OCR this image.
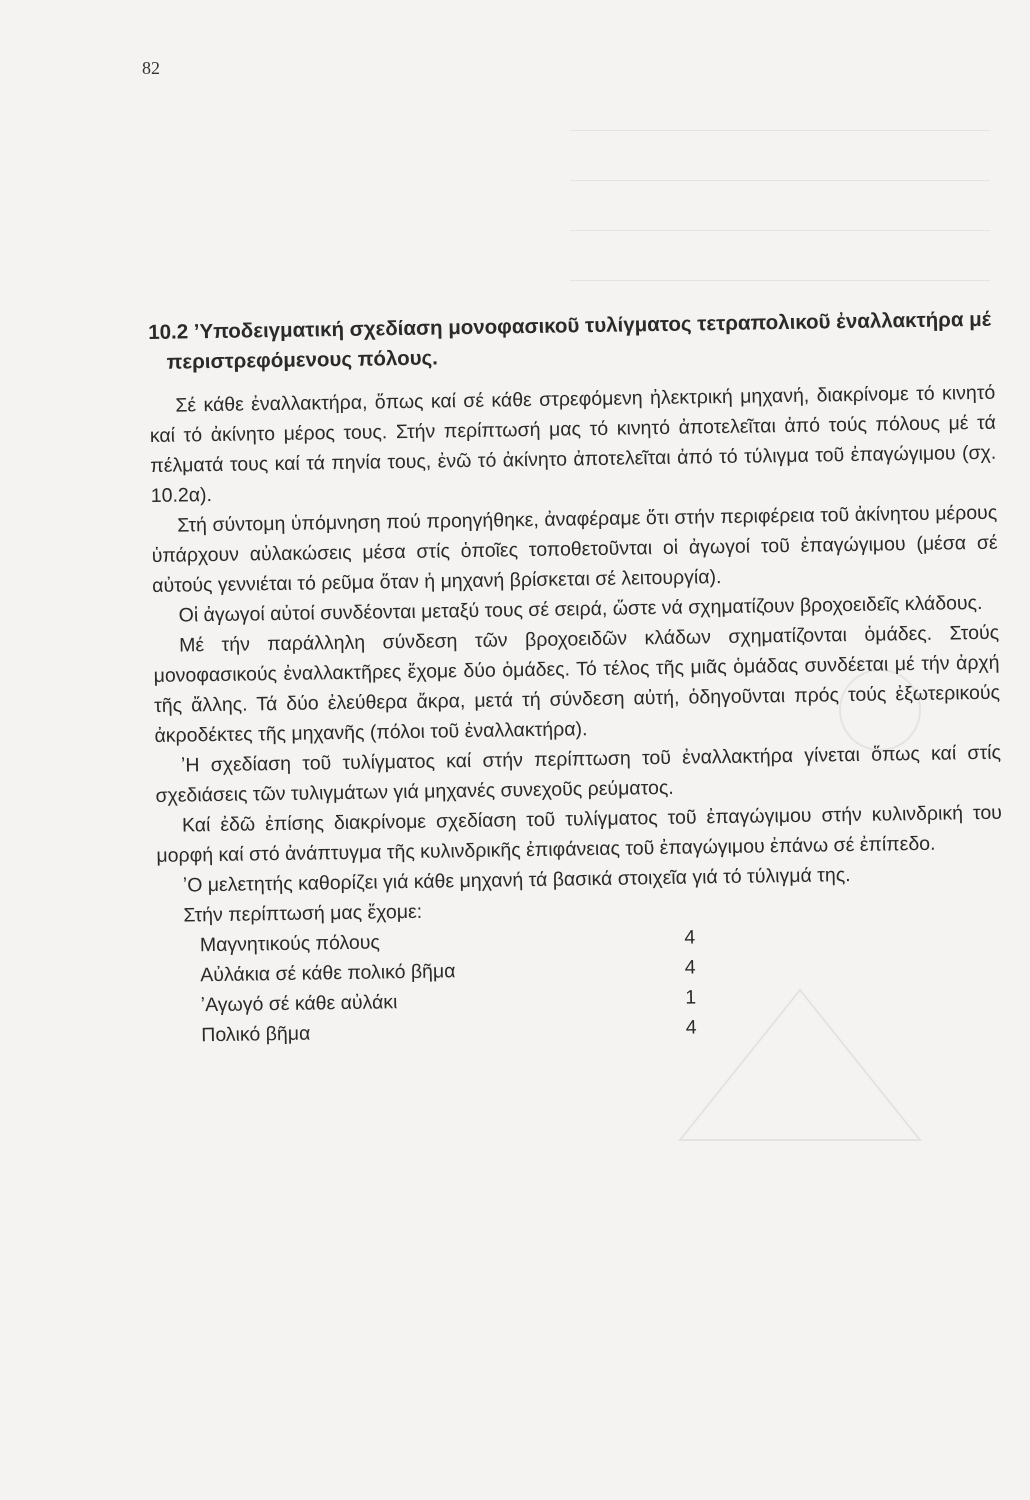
82
10.2 ʼΥποδειγματική σχεδίαση μονοφασικοῦ τυλίγματος τετραπολικοῦ ἐναλλακτήρα μέ περιστρεφόμενους πόλους.

Σέ κάθε ἐναλλακτήρα, ὅπως καί σέ κάθε στρεφόμενη ἠλεκτρική μηχανή, διακρίνομε τό κινητό καί τό ἀκίνητο μέρος τους. Στήν περίπτωσή μας τό κινητό ἀποτελεῖται ἀπό τούς πόλους μέ τά πέλματά τους καί τά πηνία τους, ἐνῶ τό ἀκίνητο ἀποτελεῖται ἀπό τό τύλιγμα τοῦ ἐπαγώγιμου (σχ. 10.2α).

Στή σύντομη ὑπόμνηση πού προηγήθηκε, ἀναφέραμε ὅτι στήν περιφέρεια τοῦ ἀκίνητου μέρους ὑπάρχουν αὐλακώσεις μέσα στίς ὁποῖες τοποθετοῦνται οἱ ἀγωγοί τοῦ ἐπαγώγιμου (μέσα σέ αὐτούς γεννιέται τό ρεῦμα ὅταν ἡ μηχανή βρίσκεται σέ λειτουργία).

Οἱ ἀγωγοί αὐτοί συνδέονται μεταξύ τους σέ σειρά, ὥστε νά σχηματίζουν βροχοειδεῖς κλάδους.

Μέ τήν παράλληλη σύνδεση τῶν βροχοειδῶν κλάδων σχηματίζονται ὁμάδες. Στούς μονοφασικούς ἐναλλακτῆρες ἔχομε δύο ὁμάδες. Τό τέλος τῆς μιᾶς ὁμάδας συνδέεται μέ τήν ἀρχή τῆς ἄλλης. Τά δύο ἐλεύθερα ἄκρα, μετά τή σύνδεση αὐτή, ὁδηγοῦνται πρός τούς ἐξωτερικούς ἀκροδέκτες τῆς μηχανῆς (πόλοι τοῦ ἐναλλακτήρα).

ʼΗ σχεδίαση τοῦ τυλίγματος καί στήν περίπτωση τοῦ ἐναλλακτήρα γίνεται ὅπως καί στίς σχεδιάσεις τῶν τυλιγμάτων γιά μηχανές συνεχοῦς ρεύματος.

Καί ἐδῶ ἐπίσης διακρίνομε σχεδίαση τοῦ τυλίγματος τοῦ ἐπαγώγιμου στήν κυλινδρική του μορφή καί στό ἀνάπτυγμα τῆς κυλινδρικῆς ἐπιφάνειας τοῦ ἐπαγώγιμου ἐπάνω σέ ἐπίπεδο.

ʼΟ μελετητής καθορίζει γιά κάθε μηχανή τά βασικά στοιχεῖα γιά τό τύλιγμά της.

Στήν περίπτωσή μας ἔχομε:

Μαγνητικούς πόλους	4
Αὐλάκια σέ κάθε πολικό βῆμα	4
ʼΑγωγό σέ κάθε αὐλάκι	1
Πολικό βῆμα	4
